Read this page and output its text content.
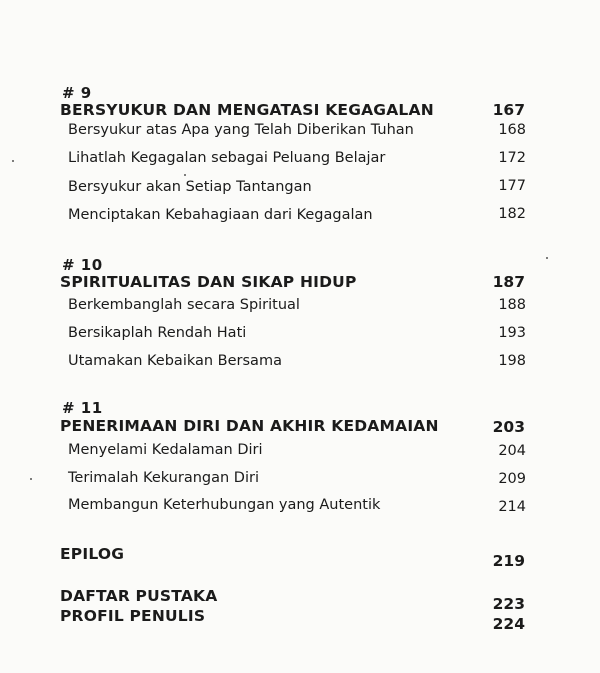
# 9
BERSYUKUR DAN MENGATASI KEGAGALAN	167
Bersyukur atas Apa yang Telah Diberikan Tuhan	168
Lihatlah Kegagalan sebagai Peluang Belajar	172
Bersyukur akan Setiap Tantangan	177
Menciptakan Kebahagiaan dari Kegagalan	182
# 10
SPIRITUALITAS DAN SIKAP HIDUP	187
Berkembanglah secara Spiritual	188
Bersikaplah Rendah Hati	193
Utamakan Kebaikan Bersama	198
# 11
PENERIMAAN DIRI DAN AKHIR KEDAMAIAN	203
Menyelami Kedalaman Diri	204
Terimalah Kekurangan Diri	209
Membangun Keterhubungan yang Autentik	214
EPILOG	219
DAFTAR PUSTAKA	223
PROFIL PENULIS	224
